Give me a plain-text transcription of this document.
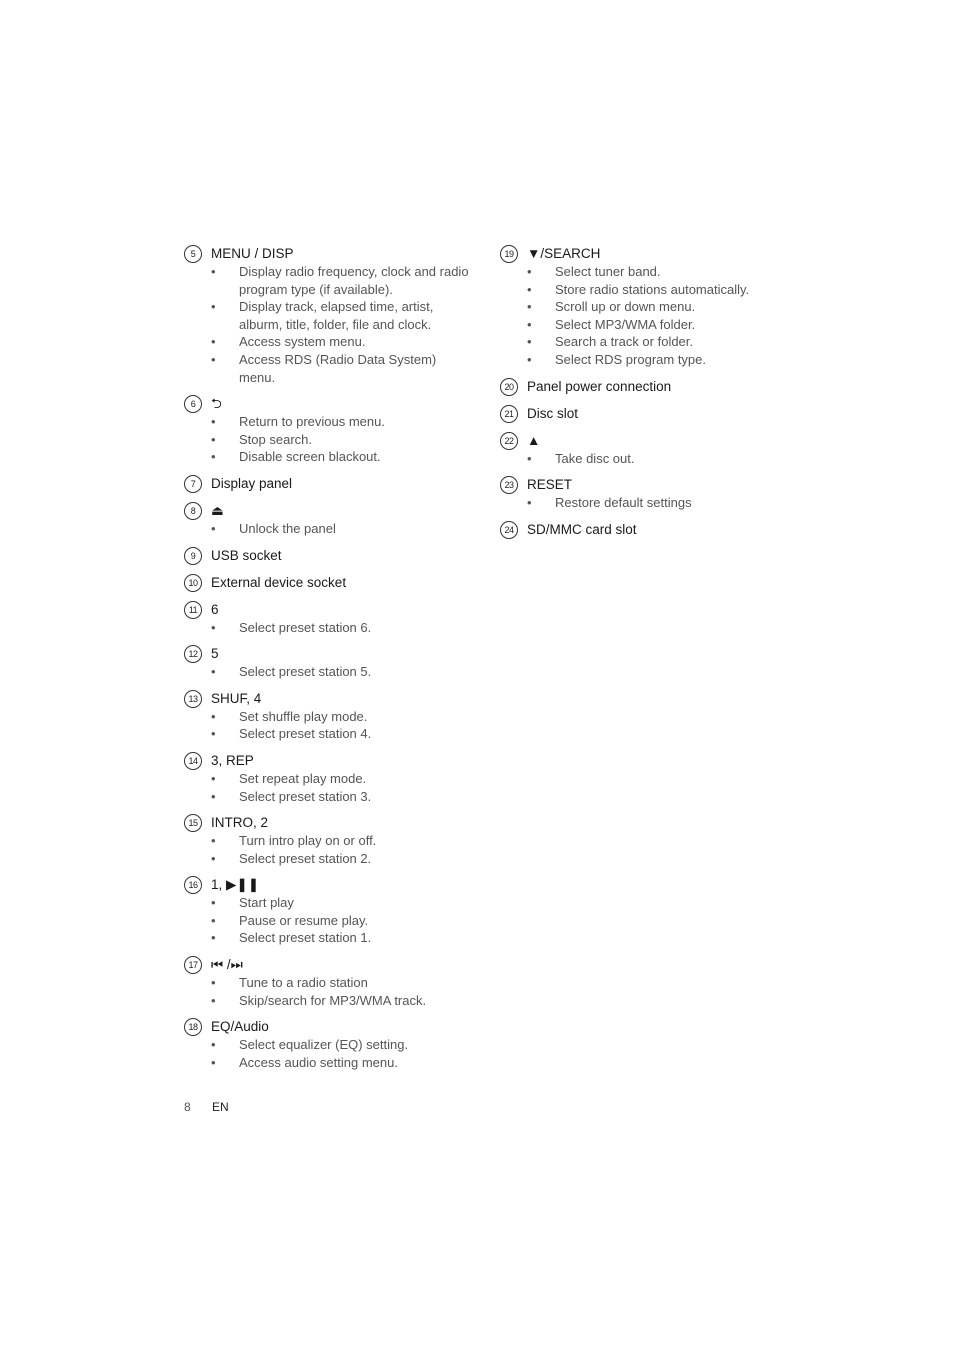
5	MENU / DISP
• Display radio frequency, clock and radio program type (if available).
• Display track, elapsed time, artist, alburm, title, folder, file and clock.
• Access system menu.
• Access RDS (Radio Data System) menu.
6	⮌
• Return to previous menu.
• Stop search.
• Disable screen blackout.
7	Display panel
8	⏏
• Unlock the panel
9	USB socket
10	External device socket
11	6
• Select preset station 6.
12	5
• Select preset station 5.
13	SHUF, 4
• Set shuffle play mode.
• Select preset station 4.
14	3, REP
• Set repeat play mode.
• Select preset station 3.
15	INTRO, 2
• Turn intro play on or off.
• Select preset station 2.
16	1, ▶❚❚
• Start play
• Pause or resume play.
• Select preset station 1.
17	⏮ /⏭
• Tune to a radio station
• Skip/search for MP3/WMA track.
18	EQ/Audio
• Select equalizer (EQ) setting.
• Access audio setting menu.
19	▼/SEARCH
• Select tuner band.
• Store radio stations automatically.
• Scroll up or down menu.
• Select MP3/WMA folder.
• Search a track or folder.
• Select RDS program type.
20	Panel power connection
21	Disc slot
22	▲
• Take disc out.
23	RESET
• Restore default settings
24	SD/MMC card slot
8 EN
